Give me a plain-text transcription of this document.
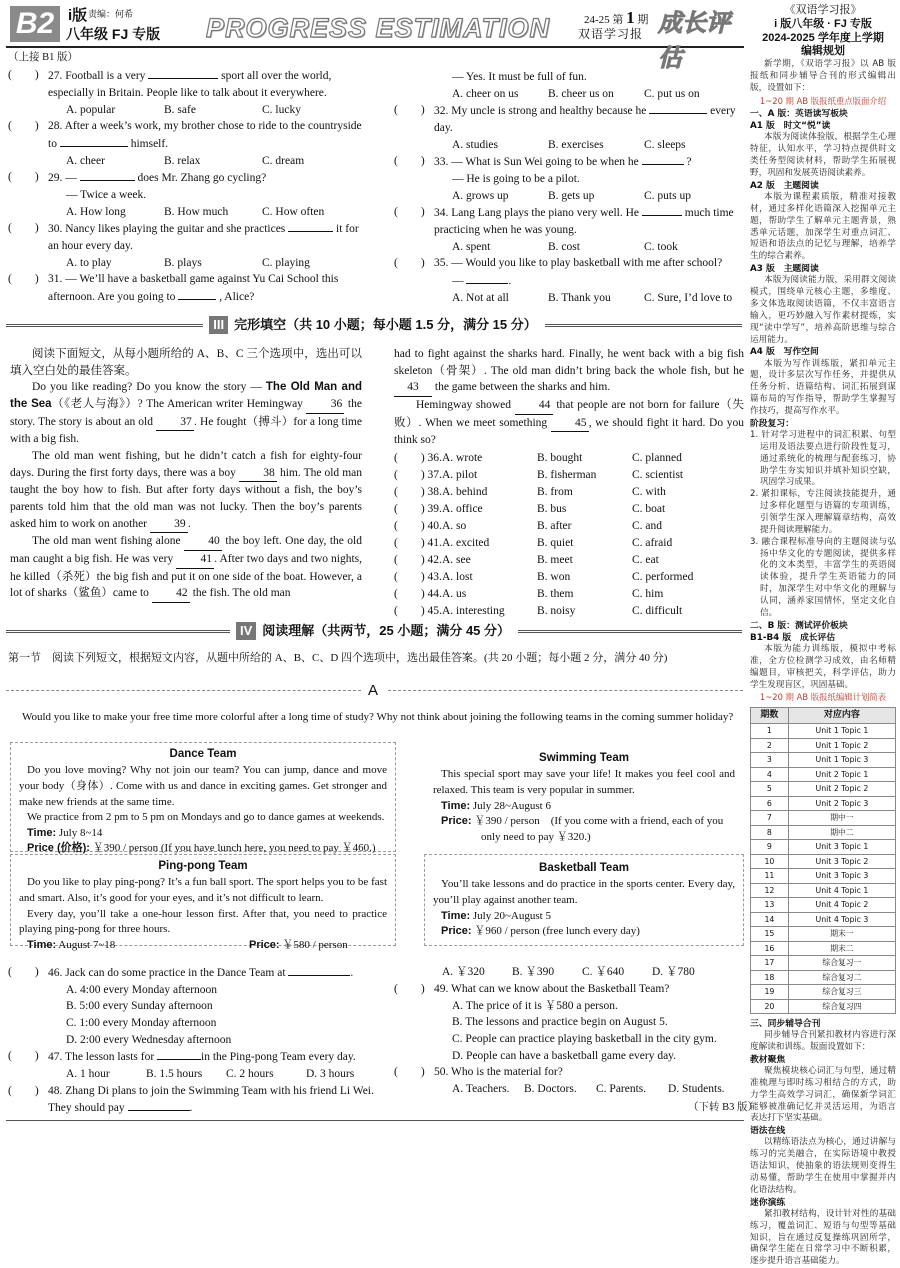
B2 i版 责编：何希
八年级 FJ 专版 PROGRESS ESTIMATION	24-25 第 1 期
双语学习报 成长评估
（上接 B1 版）
(　　) 27. Football is a very	sport all over the world, especially in Britain. People like to talk about it everywhere.
A. popular	B. safe	C. lucky
(　　) 28. After a week’s work, my brother chose to ride to the countryside to	himself.
A. cheer	B. relax	C. dream
(　　) 29. —	does Mr. Zhang go cycling?
— Twice a week.
A. How long	B. How much	C. How often
(　　) 30. Nancy likes playing the guitar and she practices	it for an hour every day.
A. to play	B. plays	C. playing
(　　) 31. — We’ll have a basketball game against Yu Cai School this afternoon. Are you going to	, Alice?
— Yes. It must be full of fun.
A. cheer on us	B. cheer us on	C. put us on
(　　) 32. My uncle is strong and healthy because he	every day.
A. studies	B. exercises	C. sleeps
(　　) 33. — What is Sun Wei going to be when he	?
— He is going to be a pilot.
A. grows up	B. gets up	C. puts up
(　　) 34. Lang Lang plays the piano very well. He	much time practicing when he was young.
A. spent	B. cost	C. took
(　　) 35. — Would you like to play basketball with me after school?
—	.
A. Not at all	B. Thank you	C. Sure, I’d love to
III 完形填空（共 10 小题；每小题 1.5 分，满分 15 分）
阅读下面短文，从每小题所给的 A、B、C 三个选项中，选出可以填入空白处的最佳答案。
Do you like reading? Do you know the story — The Old Man and the Sea（《老人与海》）? The American writer Hemingway 36 the story. The story is about an old 37 . He fought（搏斗）for a long time with a big fish.
The old man went fishing, but he didn’t catch a fish for eighty-four days. During the first forty days, there was a boy 38 him. The old man taught the boy how to fish. But after forty days without a fish, the boy’s parents told him that the old man was not lucky. Then the boy’s parents asked him to work on another 39 .
The old man went fishing alone 40 the boy left. One day, the old man caught a big fish. He was very 41 . After two days and two nights, he killed（杀死）the big fish and put it on one side of the boat. However, a lot of sharks（鲨鱼）came to 42 the fish. The old man
had to fight against the sharks hard. Finally, he went back with a big fish skeleton（骨架）. The old man didn’t bring back the whole fish, but he 43 the game between the sharks and him.
Hemingway showed 44 that people are not born for failure（失败）. When we meet something 45 , we should fight it hard. Do you think so?
(　　) 36. A. wrote	B. bought	C. planned
(　　) 37. A. pilot	B. fisherman	C. scientist
(　　) 38. A. behind	B. from	C. with
(　　) 39. A. office	B. bus	C. boat
(　　) 40. A. so	B. after	C. and
(　　) 41. A. excited	B. quiet	C. afraid
(　　) 42. A. see	B. meet	C. eat
(　　) 43. A. lost	B. won	C. performed
(　　) 44. A. us	B. them	C. him
(　　) 45. A. interesting	B. noisy	C. difficult
IV 阅读理解（共两节，25 小题；满分 45 分）
第一节　阅读下列短文，根据短文内容，从题中所给的 A、B、C、D 四个选项中，选出最佳答案。(共 20 小题；每小题 2 分，满分 40 分)
A
Would you like to make your free time more colorful after a long time of study? Why not think about joining the following teams in the coming summer holiday?
Dance Team
Do you love moving? Why not join our team? You can jump, dance and move your body（身体）. Come with us and dance in exciting games. Get stronger and make new friends at the same time.
We practice from 2 pm to 5 pm on Mondays and go to dance games at weekends.
Time: July 8~14
Price (价格): ￥390 / person (If you have lunch here, you need to pay ￥460.)
Ping-pong Team
Do you like to play ping-pong? It’s a fun ball sport. The sport helps you to be fast and smart. Also, it’s good for your eyes, and it’s not difficult to learn.
Every day, you’ll take a one-hour lesson first. After that, you need to practice playing ping-pong for three hours.
Time: August 7~18	Price: ￥580 / person
Swimming Team
This special sport may save your life! It makes you feel cool and relaxed. This team is very popular in summer.
Time: July 28~August 6
Price: ￥390 / person　(If you come with a friend, each of you only need to pay ￥320.)
Basketball Team
You’ll take lessons and do practice in the sports center. Every day, you’ll play against another team.
Time: July 20~August 5
Price: ￥960 / person (free lunch every day)
(　　) 46. Jack can do some practice in the Dance Team at	.
A. 4:00 every Monday afternoon
B. 5:00 every Sunday afternoon
C. 1:00 every Monday afternoon
D. 2:00 every Wednesday afternoon
(　　) 47. The lesson lasts for	in the Ping-pong Team every day.
A. 1 hour	B. 1.5 hours	C. 2 hours	D. 3 hours
(　　) 48. Zhang Di plans to join the Swimming Team with his friend Li Wei. They should pay	.
A. ￥320	B. ￥390	C. ￥640	D. ￥780
(　　) 49. What can we know about the Basketball Team?
A. The price of it is ￥580 a person.
B. The lessons and practice begin on August 5.
C. People can practice playing basketball in the city gym.
D. People can have a basketball game every day.
(　　) 50. Who is the material for?
A. Teachers.	B. Doctors.	C. Parents.	D. Students.
（下转 B3 版）
《双语学习报》
i 版八年级 · FJ 专版
2024-2025 学年度上学期
编辑规划
新学期，《双语学习报》以 AB 版报纸和同步辅导合刊的形式编辑出版，设置如下：
1~20 期 AB 版报纸重点版面介绍
一、A 版：英语读写板块
A1 版　时文“悦”读
本版为阅读体验版，根据学生心理特征，认知水平，学习特点提供时文类任务型阅读材料，帮助学生拓展视野，巩固和发展英语阅读素养。
A2 版　主题阅读
本版为课程素质版，精准对接教材，通过多样化语篇深入挖掘单元主题，帮助学生了解单元主题背景，熟悉单元话题，加深学生对重点词汇、短语和语法点的记忆与理解，培养学生的综合素养。
A3 版　主题阅读
本版为阅读能力版，采用群文阅读模式，围绕单元核心主题，多维度、多文体选取阅读语篇，不仅丰富语言输入，更巧妙融入写作素材提炼，实现“读中学写”，培养高阶思维与综合运用能力。
A4 版　写作空间
本版为写作训练版，紧扣单元主题，设计多层次写作任务，并提供从任务分析、语篇结构、词汇拓展到谋篇布局的写作指导，帮助学生掌握写作技巧，提高写作水平。
阶段复习：
1. 针对学习进程中的词汇积累、句型运用及语法要点进行阶段性复习，通过系统化的梳理与配套练习，协助学生夯实知识并填补知识空缺，巩固学习成果。
2. 紧扣课标，专注阅读技能提升，通过多样化题型与语篇的专项训练，引领学生深入理解篇章结构，高效提升阅读理解能力。
3. 融合课程标准导向的主题阅读与弘扬中华文化的专题阅读，提供多样化的文本类型，丰富学生的英语阅读体验，提升学生英语能力的同时，加深学生对中华文化的理解与认同，涵养家国情怀，坚定文化自信。
二、B 版：测试评价板块
B1-B4 版　成长评估
本版为能力训练版，模拟中考标准，全方位检测学习成效，由名师精编题目，审核把关，科学评估，助力学生发现盲区，巩固基础。
1~20 期 AB 版报纸编辑计划简表
期数	对应内容
1	Unit 1 Topic 1
2	Unit 1 Topic 2
3	Unit 1 Topic 3
4	Unit 2 Topic 1
5	Unit 2 Topic 2
6	Unit 2 Topic 3
7	期中一
8	期中二
9	Unit 3 Topic 1
10	Unit 3 Topic 2
11	Unit 3 Topic 3
12	Unit 4 Topic 1
13	Unit 4 Topic 2
14	Unit 4 Topic 3
15	期末一
16	期末二
17	综合复习一
18	综合复习二
19	综合复习三
20	综合复习四
三、同步辅导合刊
同步辅导合刊紧扣教材内容进行深度解读和训练。版面设置如下：
教材聚焦
聚焦模块核心词汇与句型，通过精准梳理与即时练习相结合的方式，助力学生高效学习词汇，确保新学词汇能够被准确记忆并灵活运用，为语言表达打下坚实基础。
语法在线
以精练语法点为核心，通过讲解与练习的完美融合，在实际语境中教授语法知识，使抽象的语法规则变得生动易懂，帮助学生在使用中掌握并内化语法结构。
迷你演练
紧扣教材结构，设计针对性的基础练习，覆盖词汇、短语与句型等基础知识，旨在通过反复操练巩固所学，确保学生能在日常学习中不断积累，逐步提升语言基础能力。
